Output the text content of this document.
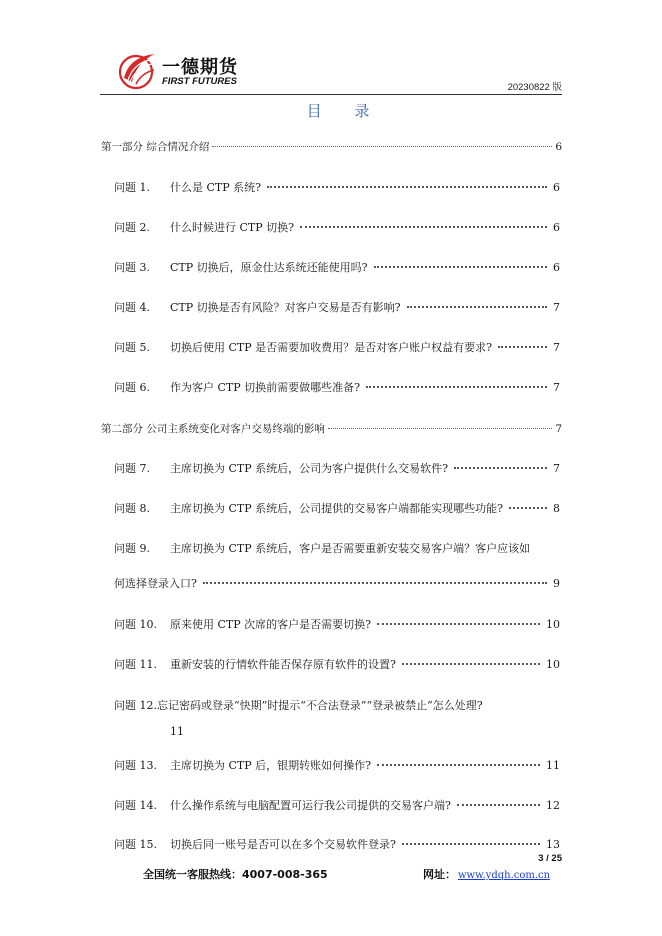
一德期货
FIRST FUTURES
20230822 版
目 录
第一部分 综合情况介绍	6
问题 1.	什么是 CTP 系统?	6
问题 2.	什么时候进行 CTP 切换?	6
问题 3.	CTP 切换后，原金仕达系统还能使用吗?	6
问题 4.	CTP 切换是否有风险？对客户交易是否有影响?	7
问题 5.	切换后使用 CTP 是否需要加收费用？是否对客户账户权益有要求?	7
问题 6.	作为客户 CTP 切换前需要做哪些准备?	7
第二部分 公司主系统变化对客户交易终端的影响	7
问题 7.	主席切换为 CTP 系统后，公司为客户提供什么交易软件?	7
问题 8.	主席切换为 CTP 系统后，公司提供的交易客户端都能实现哪些功能?	8
问题 9.	主席切换为 CTP 系统后，客户是否需要重新安装交易客户端？客户应该如
何选择登录入口?	9
问题 10.	原来使用 CTP 次席的客户是否需要切换?	10
问题 11.	重新安装的行情软件能否保存原有软件的设置?	10
问题 12.忘记密码或登录“快期”时提示“不合法登录”“登录被禁止”怎么处理?
11
问题 13.	主席切换为 CTP 后，银期转账如何操作?	11
问题 14.	什么操作系统与电脑配置可运行我公司提供的交易客户端?	12
问题 15.	切换后同一账号是否可以在多个交易软件登录?	13
3 / 25
全国统一客服热线：4007-008-365	网址： www.ydqh.com.cn
